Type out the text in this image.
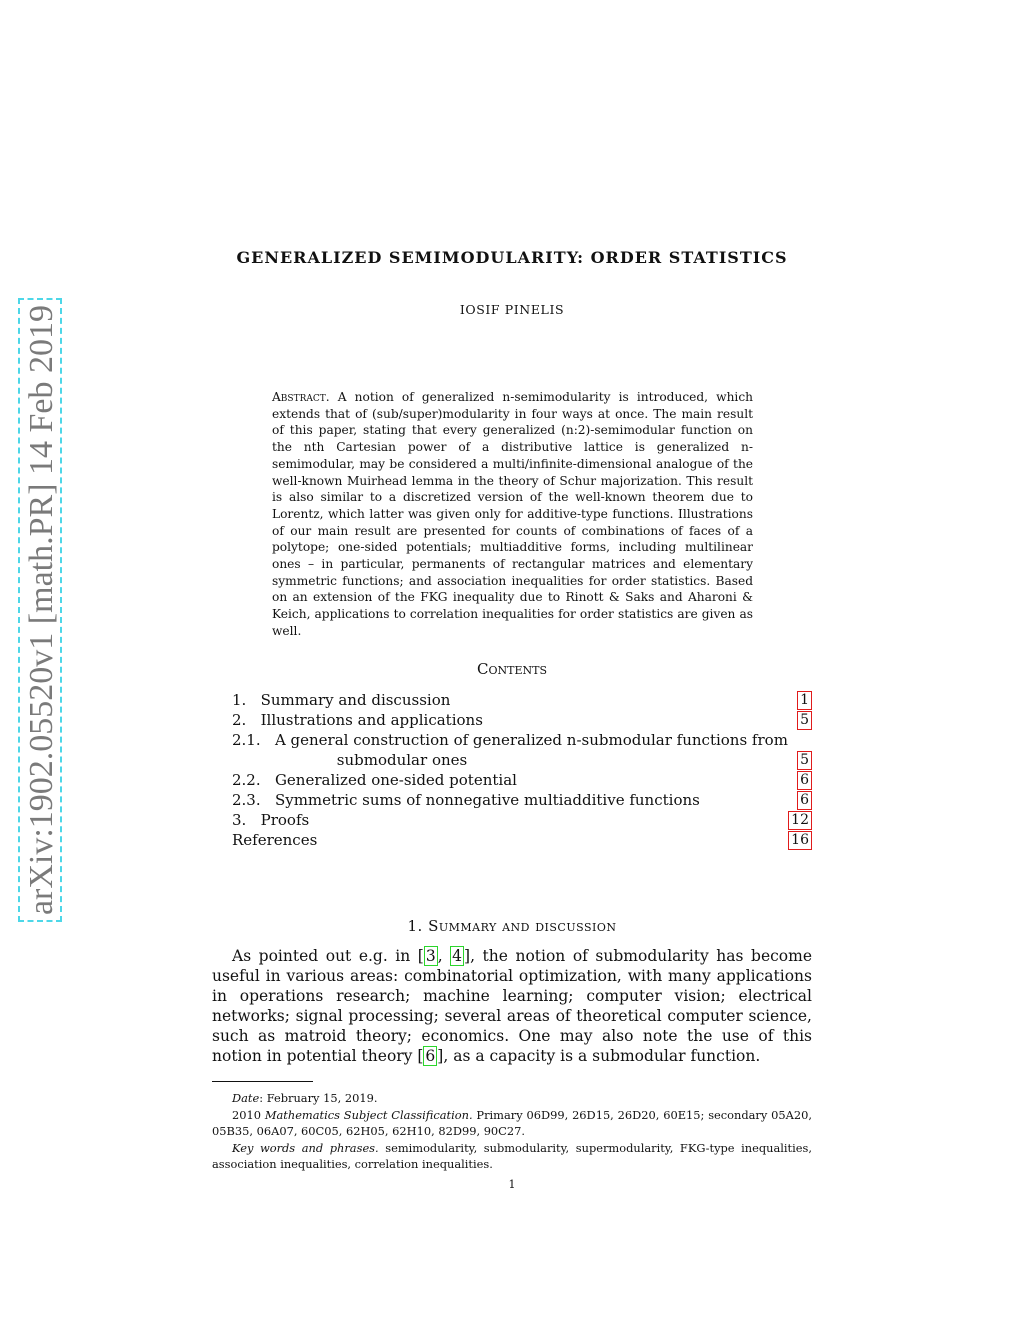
arXiv:1902.05520v1 [math.PR] 14 Feb 2019
GENERALIZED SEMIMODULARITY: ORDER STATISTICS
IOSIF PINELIS
Abstract. A notion of generalized n-semimodularity is introduced, which extends that of (sub/super)modularity in four ways at once. The main result of this paper, stating that every generalized (n:2)-semimodular function on the nth Cartesian power of a distributive lattice is generalized n-semimodular, may be considered a multi/infinite-dimensional analogue of the well-known Muirhead lemma in the theory of Schur majorization. This result is also similar to a discretized version of the well-known theorem due to Lorentz, which latter was given only for additive-type functions. Illustrations of our main result are presented for counts of combinations of faces of a polytope; one-sided potentials; multiadditive forms, including multilinear ones – in particular, permanents of rectangular matrices and elementary symmetric functions; and association inequalities for order statistics. Based on an extension of the FKG inequality due to Rinott & Saks and Aharoni & Keich, applications to correlation inequalities for order statistics are given as well.
Contents
1. Summary and discussion	1
2. Illustrations and applications	5
2.1. A general construction of generalized n-submodular functions from
submodular ones	5
2.2. Generalized one-sided potential	6
2.3. Symmetric sums of nonnegative multiadditive functions	6
3. Proofs	12
References	16
1. Summary and discussion
As pointed out e.g. in [ 3 , 4 ], the notion of submodularity has become useful in various areas: combinatorial optimization, with many applications in operations research; machine learning; computer vision; electrical networks; signal processing; several areas of theoretical computer science, such as matroid theory; economics. One may also note the use of this notion in potential theory [ 6 ], as a capacity is a submodular function.

Date: February 15, 2019.

2010 Mathematics Subject Classification. Primary 06D99, 26D15, 26D20, 60E15; secondary 05A20, 05B35, 06A07, 60C05, 62H05, 62H10, 82D99, 90C27.

Key words and phrases. semimodularity, submodularity, supermodularity, FKG-type inequalities, association inequalities, correlation inequalities.

1
